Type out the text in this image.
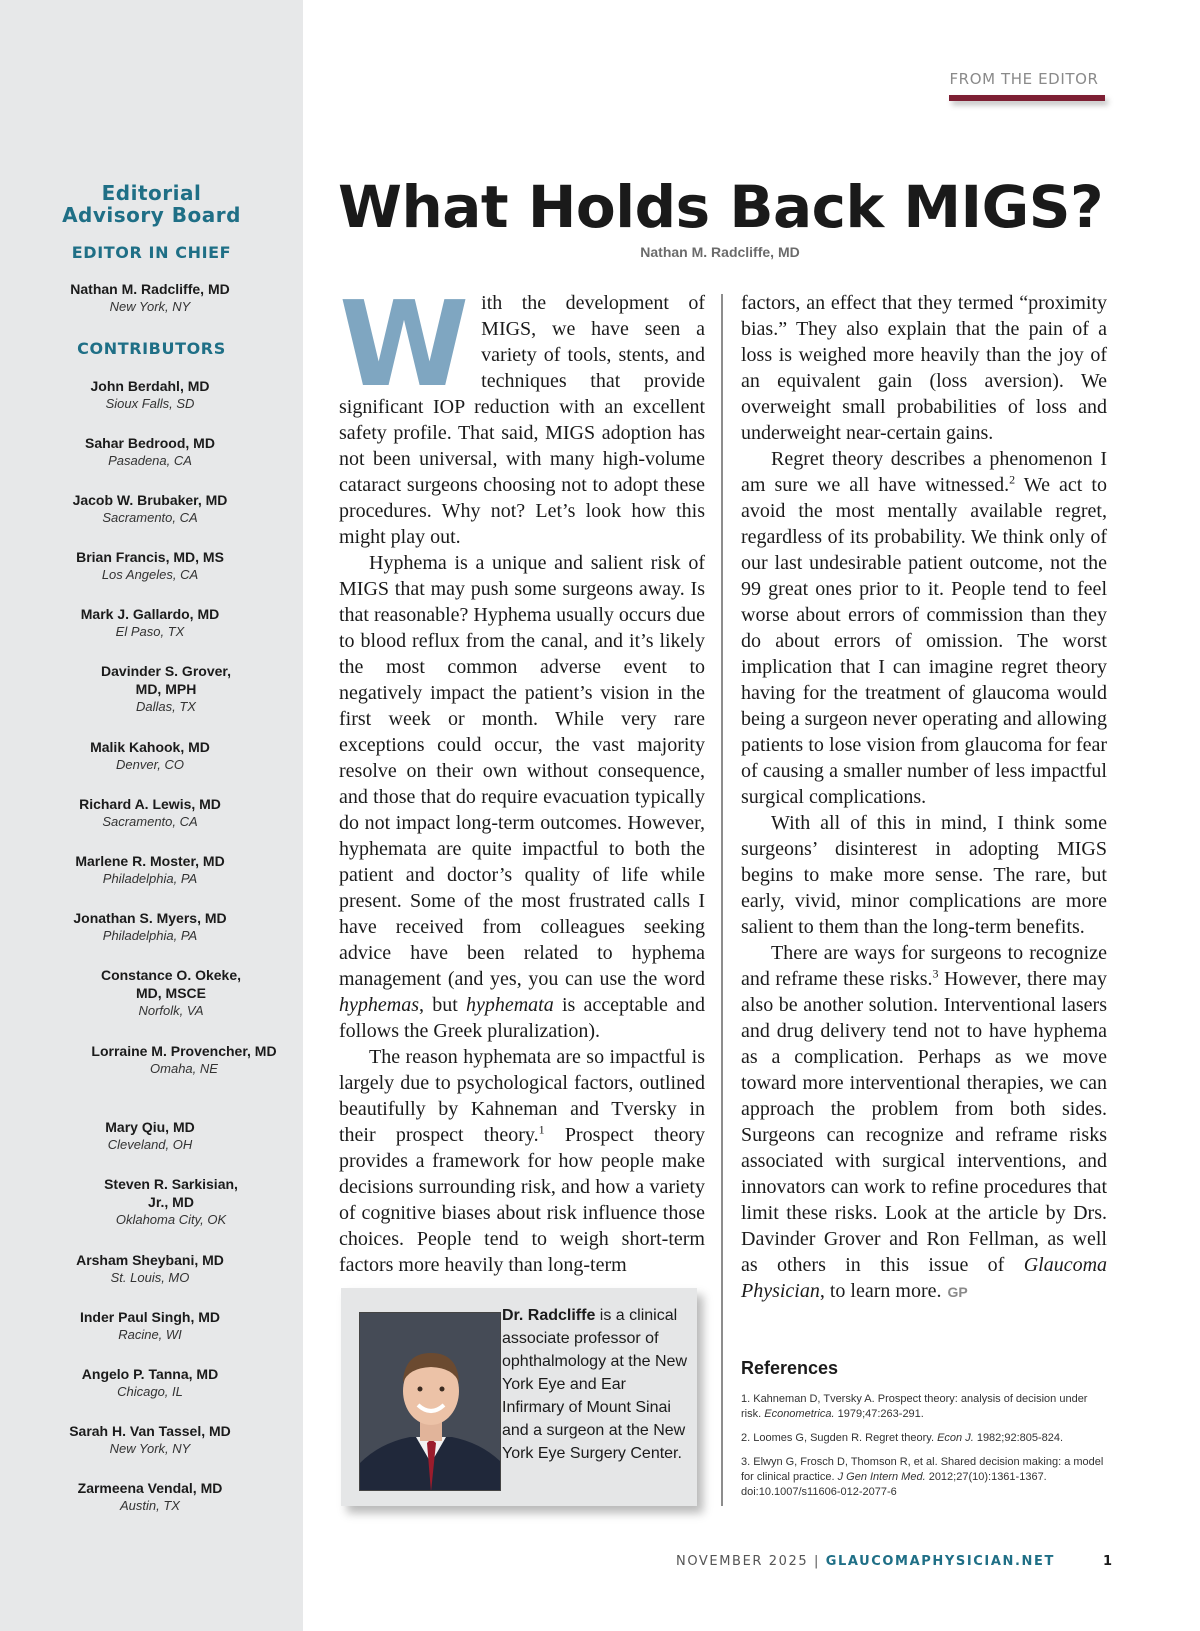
Editorial
Advisory Board
EDITOR IN CHIEF
Nathan M. Radcliffe, MD
New York, NY
CONTRIBUTORS
John Berdahl, MD
Sioux Falls, SD
Sahar Bedrood, MD
Pasadena, CA
Jacob W. Brubaker, MD
Sacramento, CA
Brian Francis, MD, MS
Los Angeles, CA
Mark J. Gallardo, MD
El Paso, TX
Davinder S. Grover, MD, MPH
Dallas, TX
Malik Kahook, MD
Denver, CO
Richard A. Lewis, MD
Sacramento, CA
Marlene R. Moster, MD
Philadelphia, PA
Jonathan S. Myers, MD
Philadelphia, PA
Constance O. Okeke, MD, MSCE
Norfolk, VA
Lorraine M. Provencher, MD
Omaha, NE
Mary Qiu, MD
Cleveland, OH
Steven R. Sarkisian, Jr., MD
Oklahoma City, OK
Arsham Sheybani, MD
St. Louis, MO
Inder Paul Singh, MD
Racine, WI
Angelo P. Tanna, MD
Chicago, IL
Sarah H. Van Tassel, MD
New York, NY
Zarmeena Vendal, MD
Austin, TX
FROM THE EDITOR
What Holds Back MIGS?
Nathan M. Radcliffe, MD

With the development of MIGS, we have seen a variety of tools, stents, and techniques that provide significant IOP reduction with an excellent safety profile. That said, MIGS adoption has not been universal, with many high-volume cataract surgeons choosing not to adopt these procedures. Why not? Let’s look how this might play out.

Hyphema is a unique and salient risk of MIGS that may push some surgeons away. Is that reasonable? Hyphema usually occurs due to blood reflux from the canal, and it’s likely the most common adverse event to negatively impact the patient’s vision in the first week or month. While very rare exceptions could occur, the vast majority resolve on their own without consequence, and those that do require evacuation typically do not impact long-term outcomes. However, hyphemata are quite impactful to both the patient and doctor’s quality of life while present. Some of the most frustrated calls I have received from colleagues seeking advice have been related to hyphema management (and yes, you can use the word hyphemas, but hyphemata is acceptable and follows the Greek pluralization).

The reason hyphemata are so impactful is largely due to psychological factors, outlined beautifully by Kahneman and Tversky in their prospect theory.$^1$ Prospect theory provides a framework for how people make decisions surrounding risk, and how a variety of cognitive biases about risk influence those choices. People tend to weigh short-term factors more heavily than long-term

factors, an effect that they termed “proximity bias.” They also explain that the pain of a loss is weighed more heavily than the joy of an equivalent gain (loss aversion). We overweight small probabilities of loss and underweight near-certain gains.

Regret theory describes a phenomenon I am sure we all have witnessed.$^2$ We act to avoid the most mentally available regret, regardless of its probability. We think only of our last undesirable patient outcome, not the 99 great ones prior to it. People tend to feel worse about errors of commission than they do about errors of omission. The worst implication that I can imagine regret theory having for the treatment of glaucoma would being a surgeon never operating and allowing patients to lose vision from glaucoma for fear of causing a smaller number of less impactful surgical complications.

With all of this in mind, I think some surgeons’ disinterest in adopting MIGS begins to make more sense. The rare, but early, vivid, minor complications are more salient to them than the long-term benefits.

There are ways for surgeons to recognize and reframe these risks.$^3$ However, there may also be another solution. Interventional lasers and drug delivery tend not to have hyphema as a complication. Perhaps as we move toward more interventional therapies, we can approach the problem from both sides. Surgeons can recognize and reframe risks associated with surgical interventions, and innovators can work to refine procedures that limit these risks. Look at the article by Drs. Davinder Grover and Ron Fellman, as well as others in this issue of Glaucoma Physician, to learn more. GP

Dr. Radcliffe is a clinical associate professor of ophthalmology at the New York Eye and Ear Infirmary of Mount Sinai and a surgeon at the New York Eye Surgery Center.
References
1. Kahneman D, Tversky A. Prospect theory: analysis of decision under risk. Econometrica. 1979;47:263-291.
2. Loomes G, Sugden R. Regret theory. Econ J. 1982;92:805-824.
3. Elwyn G, Frosch D, Thomson R, et al. Shared decision making: a model for clinical practice. J Gen Intern Med. 2012;27(10):1361-1367. doi:10.1007/s11606-012-2077-6
NOVEMBER 2025 | GLAUCOMAPHYSICIAN.NET	1
